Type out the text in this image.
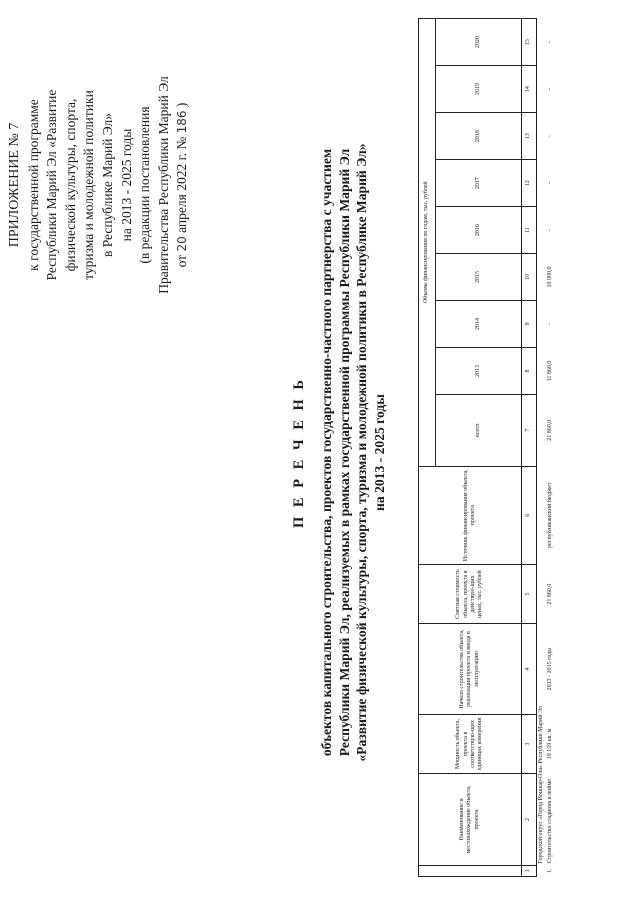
ПРИЛОЖЕНИЕ № 7 к государственной программе Республики Марий Эл «Развитие физической культуры, спорта, туризма и молодежной политики в Республике Марий Эл» на 2013 - 2025 годы (в редакции постановления Правительства Республики Марий Эл от 20 апреля 2022 г. № 186 )
П Е Р Е Ч Е Н Ь объектов капитального строительства, проектов государственно-частного партнерства с участием Республики Марий Эл, реализуемых в рамках государственной программы Республики Марий Эл «Развитие физической культуры, спорта, туризма и молодежной политики в Республике Марий Эл» на 2013 - 2025 годы
	Наименование и местонахождение объекта, проекта	Мощность объекта, проекта в соответствую-щих единицах измерения	Начало строительства объекта, реализации проекта и ввода в эксплуатацию	Сметная стоимость объекта, проекта в действую-щих ценах, тыс. рублей	Источник финансирования объекта, проекта	Объемы финансирования по годам, тыс. рублей								
						всего	2013	2014	2015	2016	2017	2018	2019	2020
1	2	3	4	5	6	7	8	9	10	11	12	13	14	15
	Городской округ «Город Йошкар-Ола» Республики Марий Эл													
1.	Строительство стадиона в поймe	19 159 кв. м	2013 - 2015 годы	21 860,0	республиканский бюджет	21 860,0	11 860,0	-	10 000,0	-	-	-	-	-
